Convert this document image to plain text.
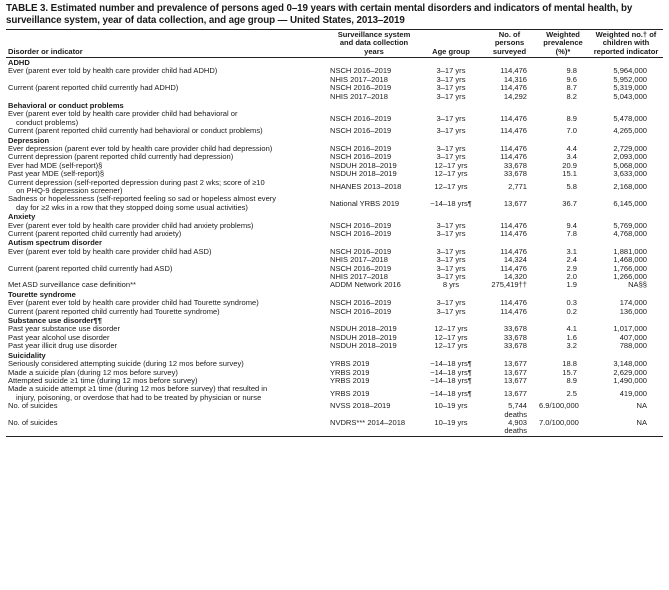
TABLE 3. Estimated number and prevalence of persons aged 0–19 years with certain mental disorders and indicators of mental health, by surveillance system, year of data collection, and age group — United States, 2013–2019
Disorder or indicator	Surveillance system and data collection years	Age group	No. of persons surveyed	Weighted prevalence (%)*	Weighted no.† of children with reported indicator
ADHD					

Ever (parent ever told by health care provider child had ADHD)	NSCH 2016–2019	3–17 yrs	114,476	9.8	5,964,000

	NHIS 2017–2018	3–17 yrs	14,316	9.6	5,952,000

Current (parent reported child currently had ADHD)	NSCH 2016–2019	3–17 yrs	114,476	8.7	5,319,000

	NHIS 2017–2018	3–17 yrs	14,292	8.2	5,043,000
Behavioral or conduct problems					

Ever (parent ever told by health care provider child had behavioral or
conduct problems)	NSCH 2016–2019	3–17 yrs	114,476	8.9	5,478,000

Current (parent reported child currently had behavioral or conduct problems)	NSCH 2016–2019	3–17 yrs	114,476	7.0	4,265,000
Depression					

Ever depression (parent ever told by health care provider child had depression)	NSCH 2016–2019	3–17 yrs	114,476	4.4	2,729,000

Current depression (parent reported child currently had depression)	NSCH 2016–2019	3–17 yrs	114,476	3.4	2,093,000

Ever had MDE (self-report)§	NSDUH 2018–2019	12–17 yrs	33,678	20.9	5,068,000

Past year MDE (self-report)§	NSDUH 2018–2019	12–17 yrs	33,678	15.1	3,633,000

Current depression (self-reported depression during past 2 wks; score of ≥10
on PHQ-9 depression screener)	NHANES 2013–2018	12–17 yrs	2,771	5.8	2,168,000

Sadness or hopelessness (self-reported feeling so sad or hopeless almost every
day for ≥2 wks in a row that they stopped doing some usual activities)	National YRBS 2019	~14–18 yrs¶	13,677	36.7	6,145,000
Anxiety					

Ever (parent ever told by health care provider child had anxiety problems)	NSCH 2016–2019	3–17 yrs	114,476	9.4	5,769,000

Current (parent reported child currently had anxiety)	NSCH 2016–2019	3–17 yrs	114,476	7.8	4,768,000
Autism spectrum disorder					

Ever (parent ever told by health care provider child had ASD)	NSCH 2016–2019	3–17 yrs	114,476	3.1	1,881,000

	NHIS 2017–2018	3–17 yrs	14,324	2.4	1,468,000

Current (parent reported child currently had ASD)	NSCH 2016–2019	3–17 yrs	114,476	2.9	1,766,000

	NHIS 2017–2018	3–17 yrs	14,320	2.0	1,266,000

Met ASD surveillance case definition**	ADDM Network 2016	8 yrs	275,419††	1.9	NA§§
Tourette syndrome					

Ever (parent ever told by health care provider child had Tourette syndrome)	NSCH 2016–2019	3–17 yrs	114,476	0.3	174,000

Current (parent reported child currently had Tourette syndrome)	NSCH 2016–2019	3–17 yrs	114,476	0.2	136,000
Substance use disorder¶¶					

Past year substance use disorder	NSDUH 2018–2019	12–17 yrs	33,678	4.1	1,017,000

Past year alcohol use disorder	NSDUH 2018–2019	12–17 yrs	33,678	1.6	407,000

Past year illicit drug use disorder	NSDUH 2018–2019	12–17 yrs	33,678	3.2	788,000
Suicidality					

Seriously considered attempting suicide (during 12 mos before survey)	YRBS 2019	~14–18 yrs¶	13,677	18.8	3,148,000

Made a suicide plan (during 12 mos before survey)	YRBS 2019	~14–18 yrs¶	13,677	15.7	2,629,000

Attempted suicide ≥1 time (during 12 mos before survey)	YRBS 2019	~14–18 yrs¶	13,677	8.9	1,490,000

Made a suicide attempt ≥1 time (during 12 mos before survey) that resulted in
injury, poisoning, or overdose that had to be treated by physician or nurse	YRBS 2019	~14–18 yrs¶	13,677	2.5	419,000

No. of suicides	NVSS 2018–2019	10–19 yrs	5,744 deaths	6.9/100,000	NA

No. of suicides	NVDRS*** 2014–2018	10–19 yrs	4,903 deaths	7.0/100,000	NA
